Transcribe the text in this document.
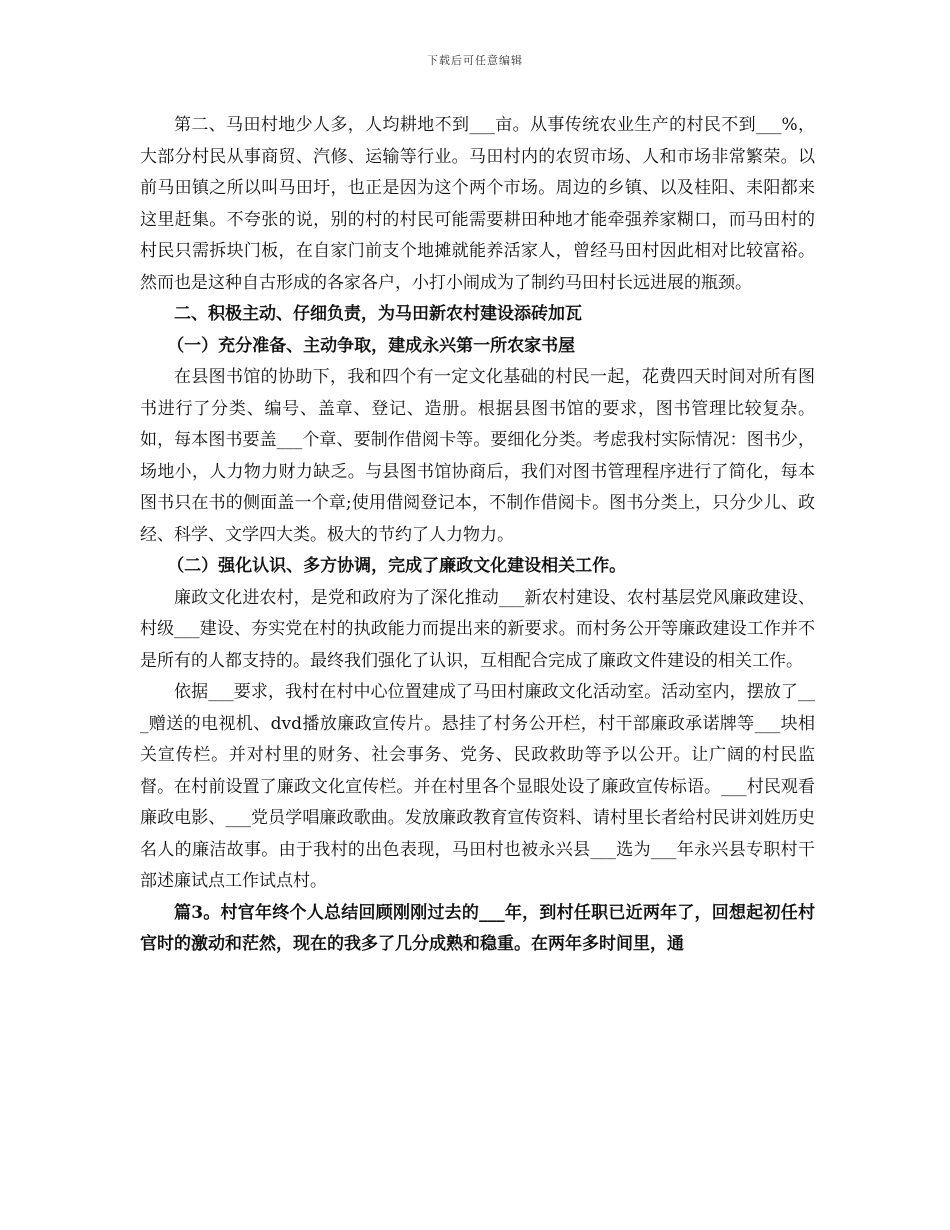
下载后可任意编辑

第二、马田村地少人多，人均耕地不到___亩。从事传统农业生产的村民不到___%，大部分村民从事商贸、汽修、运输等行业。马田村内的农贸市场、人和市场非常繁荣。以前马田镇之所以叫马田圩，也正是因为这个两个市场。周边的乡镇、以及桂阳、耒阳都来这里赶集。不夸张的说，别的村的村民可能需要耕田种地才能牵强养家糊口，而马田村的村民只需拆块门板，在自家门前支个地摊就能养活家人，曾经马田村因此相对比较富裕。然而也是这种自古形成的各家各户，小打小闹成为了制约马田村长远进展的瓶颈。

二、积极主动、仔细负责，为马田新农村建设添砖加瓦

（一）充分准备、主动争取，建成永兴第一所农家书屋

在县图书馆的协助下，我和四个有一定文化基础的村民一起，花费四天时间对所有图书进行了分类、编号、盖章、登记、造册。根据县图书馆的要求，图书管理比较复杂。如，每本图书要盖___个章、要制作借阅卡等。要细化分类。考虑我村实际情况：图书少，场地小，人力物力财力缺乏。与县图书馆协商后，我们对图书管理程序进行了简化，每本图书只在书的侧面盖一个章;使用借阅登记本，不制作借阅卡。图书分类上，只分少儿、政经、科学、文学四大类。极大的节约了人力物力。

（二）强化认识、多方协调，完成了廉政文化建设相关工作。

廉政文化进农村，是党和政府为了深化推动___新农村建设、农村基层党风廉政建设、村级___建设、夯实党在村的执政能力而提出来的新要求。而村务公开等廉政建设工作并不是所有的人都支持的。最终我们强化了认识，互相配合完成了廉政文件建设的相关工作。

依据___要求，我村在村中心位置建成了马田村廉政文化活动室。活动室内，摆放了___赠送的电视机、dvd播放廉政宣传片。悬挂了村务公开栏，村干部廉政承诺牌等___块相关宣传栏。并对村里的财务、社会事务、党务、民政救助等予以公开。让广阔的村民监督。在村前设置了廉政文化宣传栏。并在村里各个显眼处设了廉政宣传标语。___村民观看廉政电影、___党员学唱廉政歌曲。发放廉政教育宣传资料、请村里长者给村民讲刘姓历史名人的廉洁故事。由于我村的出色表现，马田村也被永兴县___选为___年永兴县专职村干部述廉试点工作试点村。

篇3。村官年终个人总结回顾刚刚过去的___年，到村任职已近两年了，回想起初任村官时的激动和茫然，现在的我多了几分成熟和稳重。在两年多时间里，通
